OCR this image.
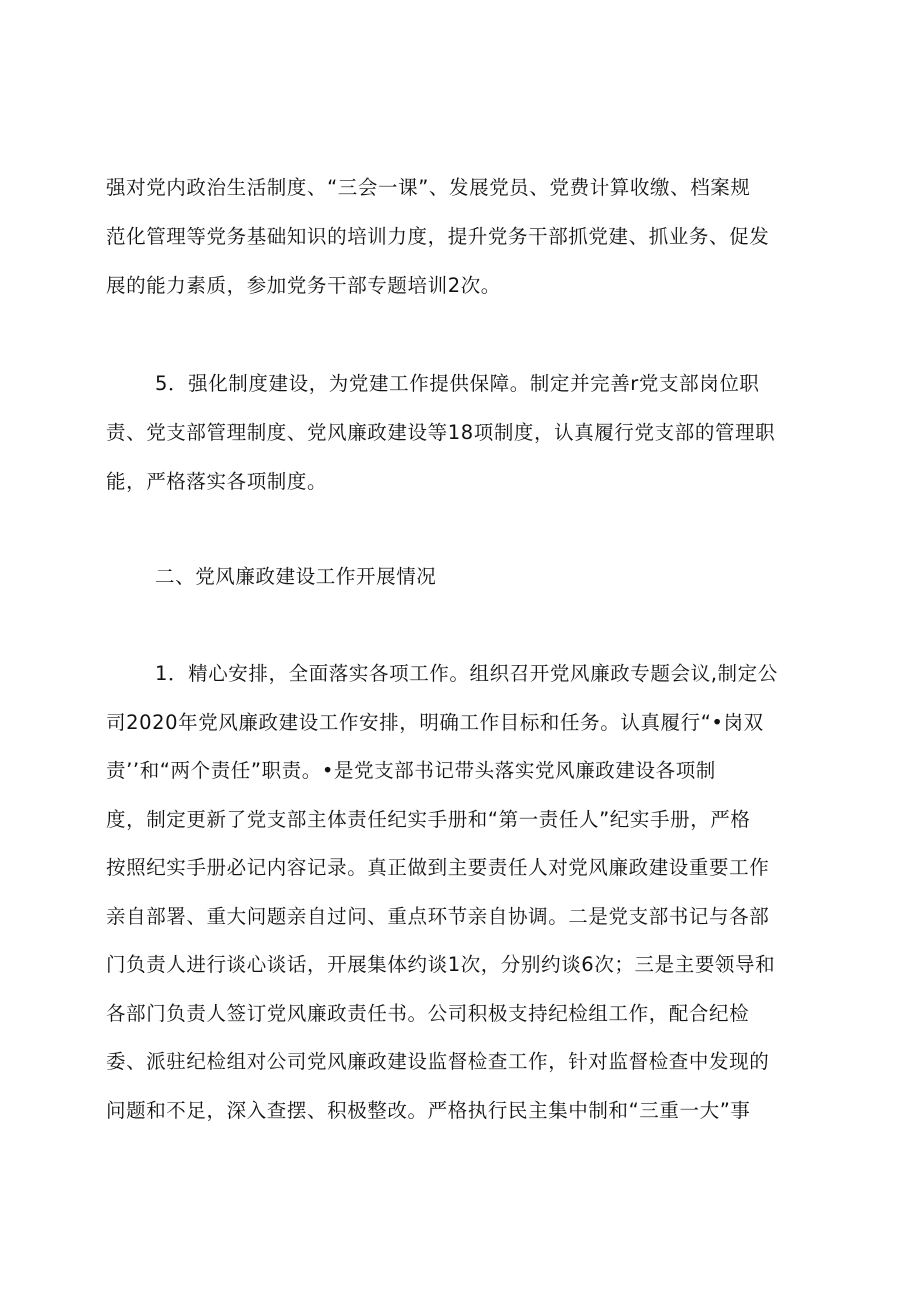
强对党内政治生活制度、“三会一课”、发展党员、党费计算收缴、档案规
范化管理等党务基础知识的培训力度，提升党务干部抓党建、抓业务、促发
展的能力素质，参加党务干部专题培训2次。
5．强化制度建设，为党建工作提供保障。制定并完善r党支部岗位职
责、党支部管理制度、党风廉政建设等18项制度，认真履行党支部的管理职
能，严格落实各项制度。
二、党风廉政建设工作开展情况
1．精心安排，全面落实各项工作。组织召开党风廉政专题会议,制定公
司2020年党风廉政建设工作安排，明确工作目标和任务。认真履行“•岗双
责’’和“两个责任”职责。•是党支部书记带头落实党风廉政建设各项制
度，制定更新了党支部主体责任纪实手册和“第一责任人”纪实手册，严格
按照纪实手册必记内容记录。真正做到主要责任人对党风廉政建设重要工作
亲自部署、重大问题亲自过问、重点环节亲自协调。二是党支部书记与各部
门负责人进行谈心谈话，开展集体约谈1次，分别约谈6次；三是主要领导和
各部门负责人签订党风廉政责任书。公司积极支持纪检组工作，配合纪检
委、派驻纪检组对公司党风廉政建设监督检查工作，针对监督检查中发现的
问题和不足，深入查摆、积极整改。严格执行民主集中制和“三重一大”事
